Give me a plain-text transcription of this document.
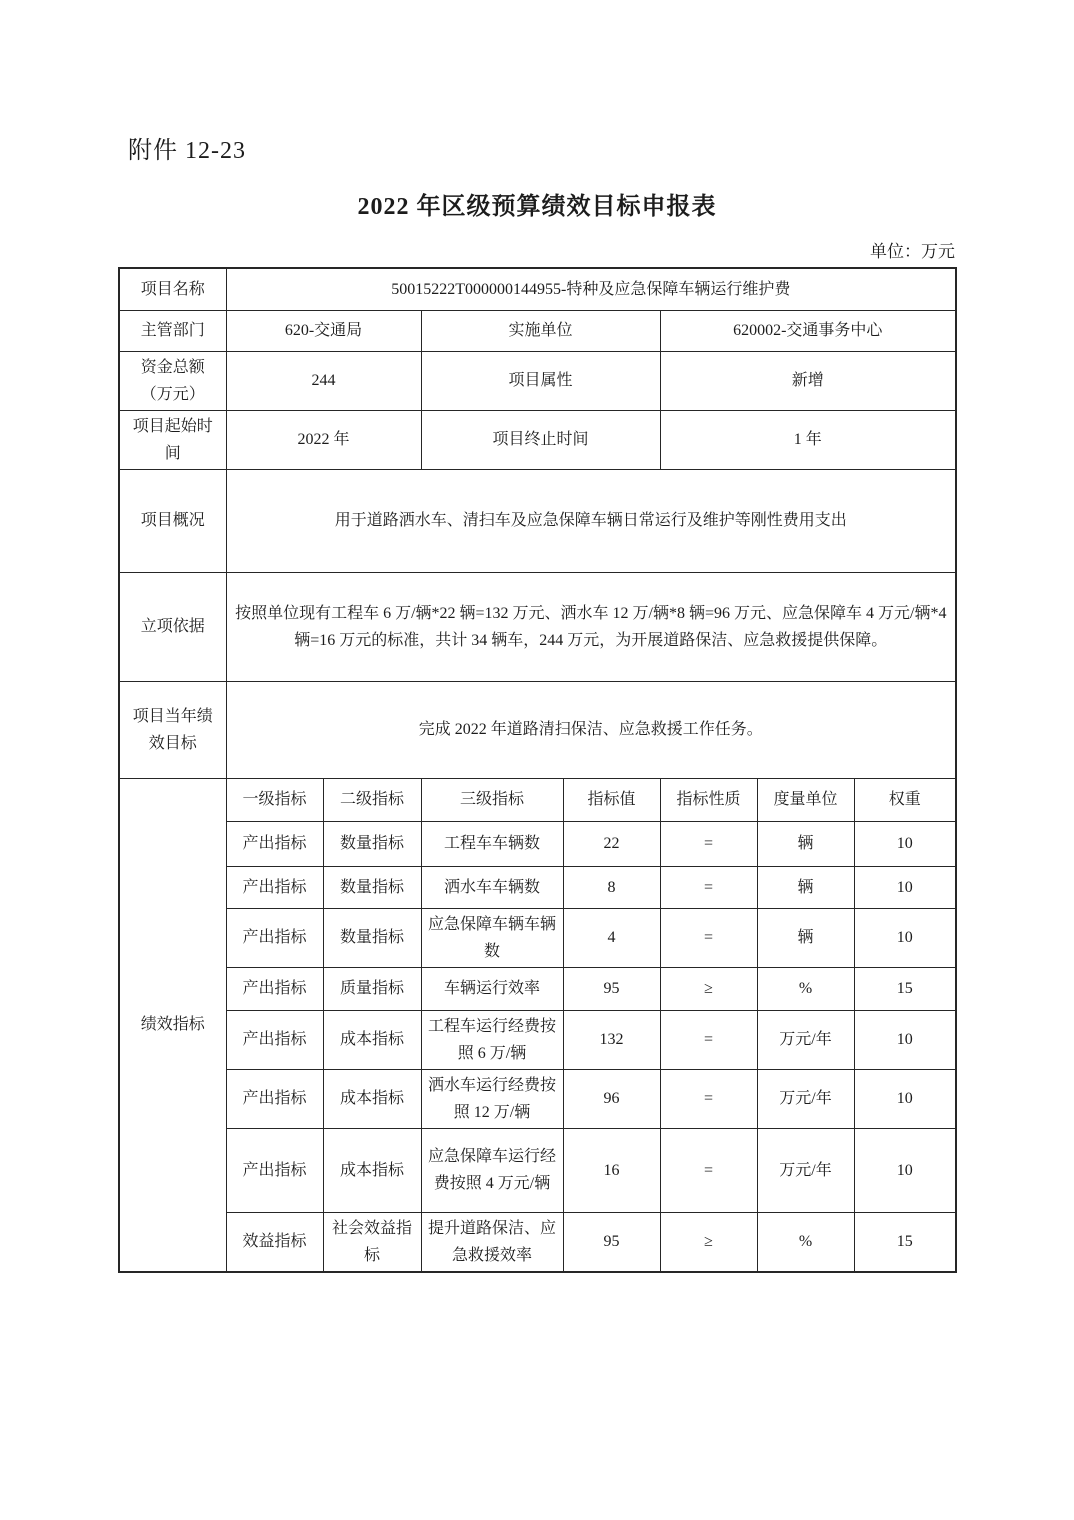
附件 12-23
2022 年区级预算绩效目标申报表
单位：万元
项目名称	50015222T000000144955-特种及应急保障车辆运行维护费						
主管部门	620-交通局		实施单位		620002-交通事务中心		
资金总额（万元）	244		项目属性		新增		
项目起始时间	2022 年		项目终止时间		1 年		
项目概况	用于道路洒水车、清扫车及应急保障车辆日常运行及维护等刚性费用支出						
立项依据	按照单位现有工程车 6 万/辆*22 辆=132 万元、洒水车 12 万/辆*8 辆=96 万元、应急保障车 4 万元/辆*4 辆=16 万元的标准，共计 34 辆车，244 万元，为开展道路保洁、应急救援提供保障。						
项目当年绩效目标	完成 2022 年道路清扫保洁、应急救援工作任务。						
绩效指标	一级指标	二级指标	三级指标	指标值	指标性质	度量单位	权重
	产出指标	数量指标	工程车车辆数	22	=	辆	10
	产出指标	数量指标	洒水车车辆数	8	=	辆	10
	产出指标	数量指标	应急保障车辆车辆数	4	=	辆	10
	产出指标	质量指标	车辆运行效率	95	≥	%	15
	产出指标	成本指标	工程车运行经费按照 6 万/辆	132	=	万元/年	10
	产出指标	成本指标	洒水车运行经费按照 12 万/辆	96	=	万元/年	10
	产出指标	成本指标	应急保障车运行经费按照 4 万元/辆	16	=	万元/年	10
	效益指标	社会效益指标	提升道路保洁、应急救援效率	95	≥	%	15
